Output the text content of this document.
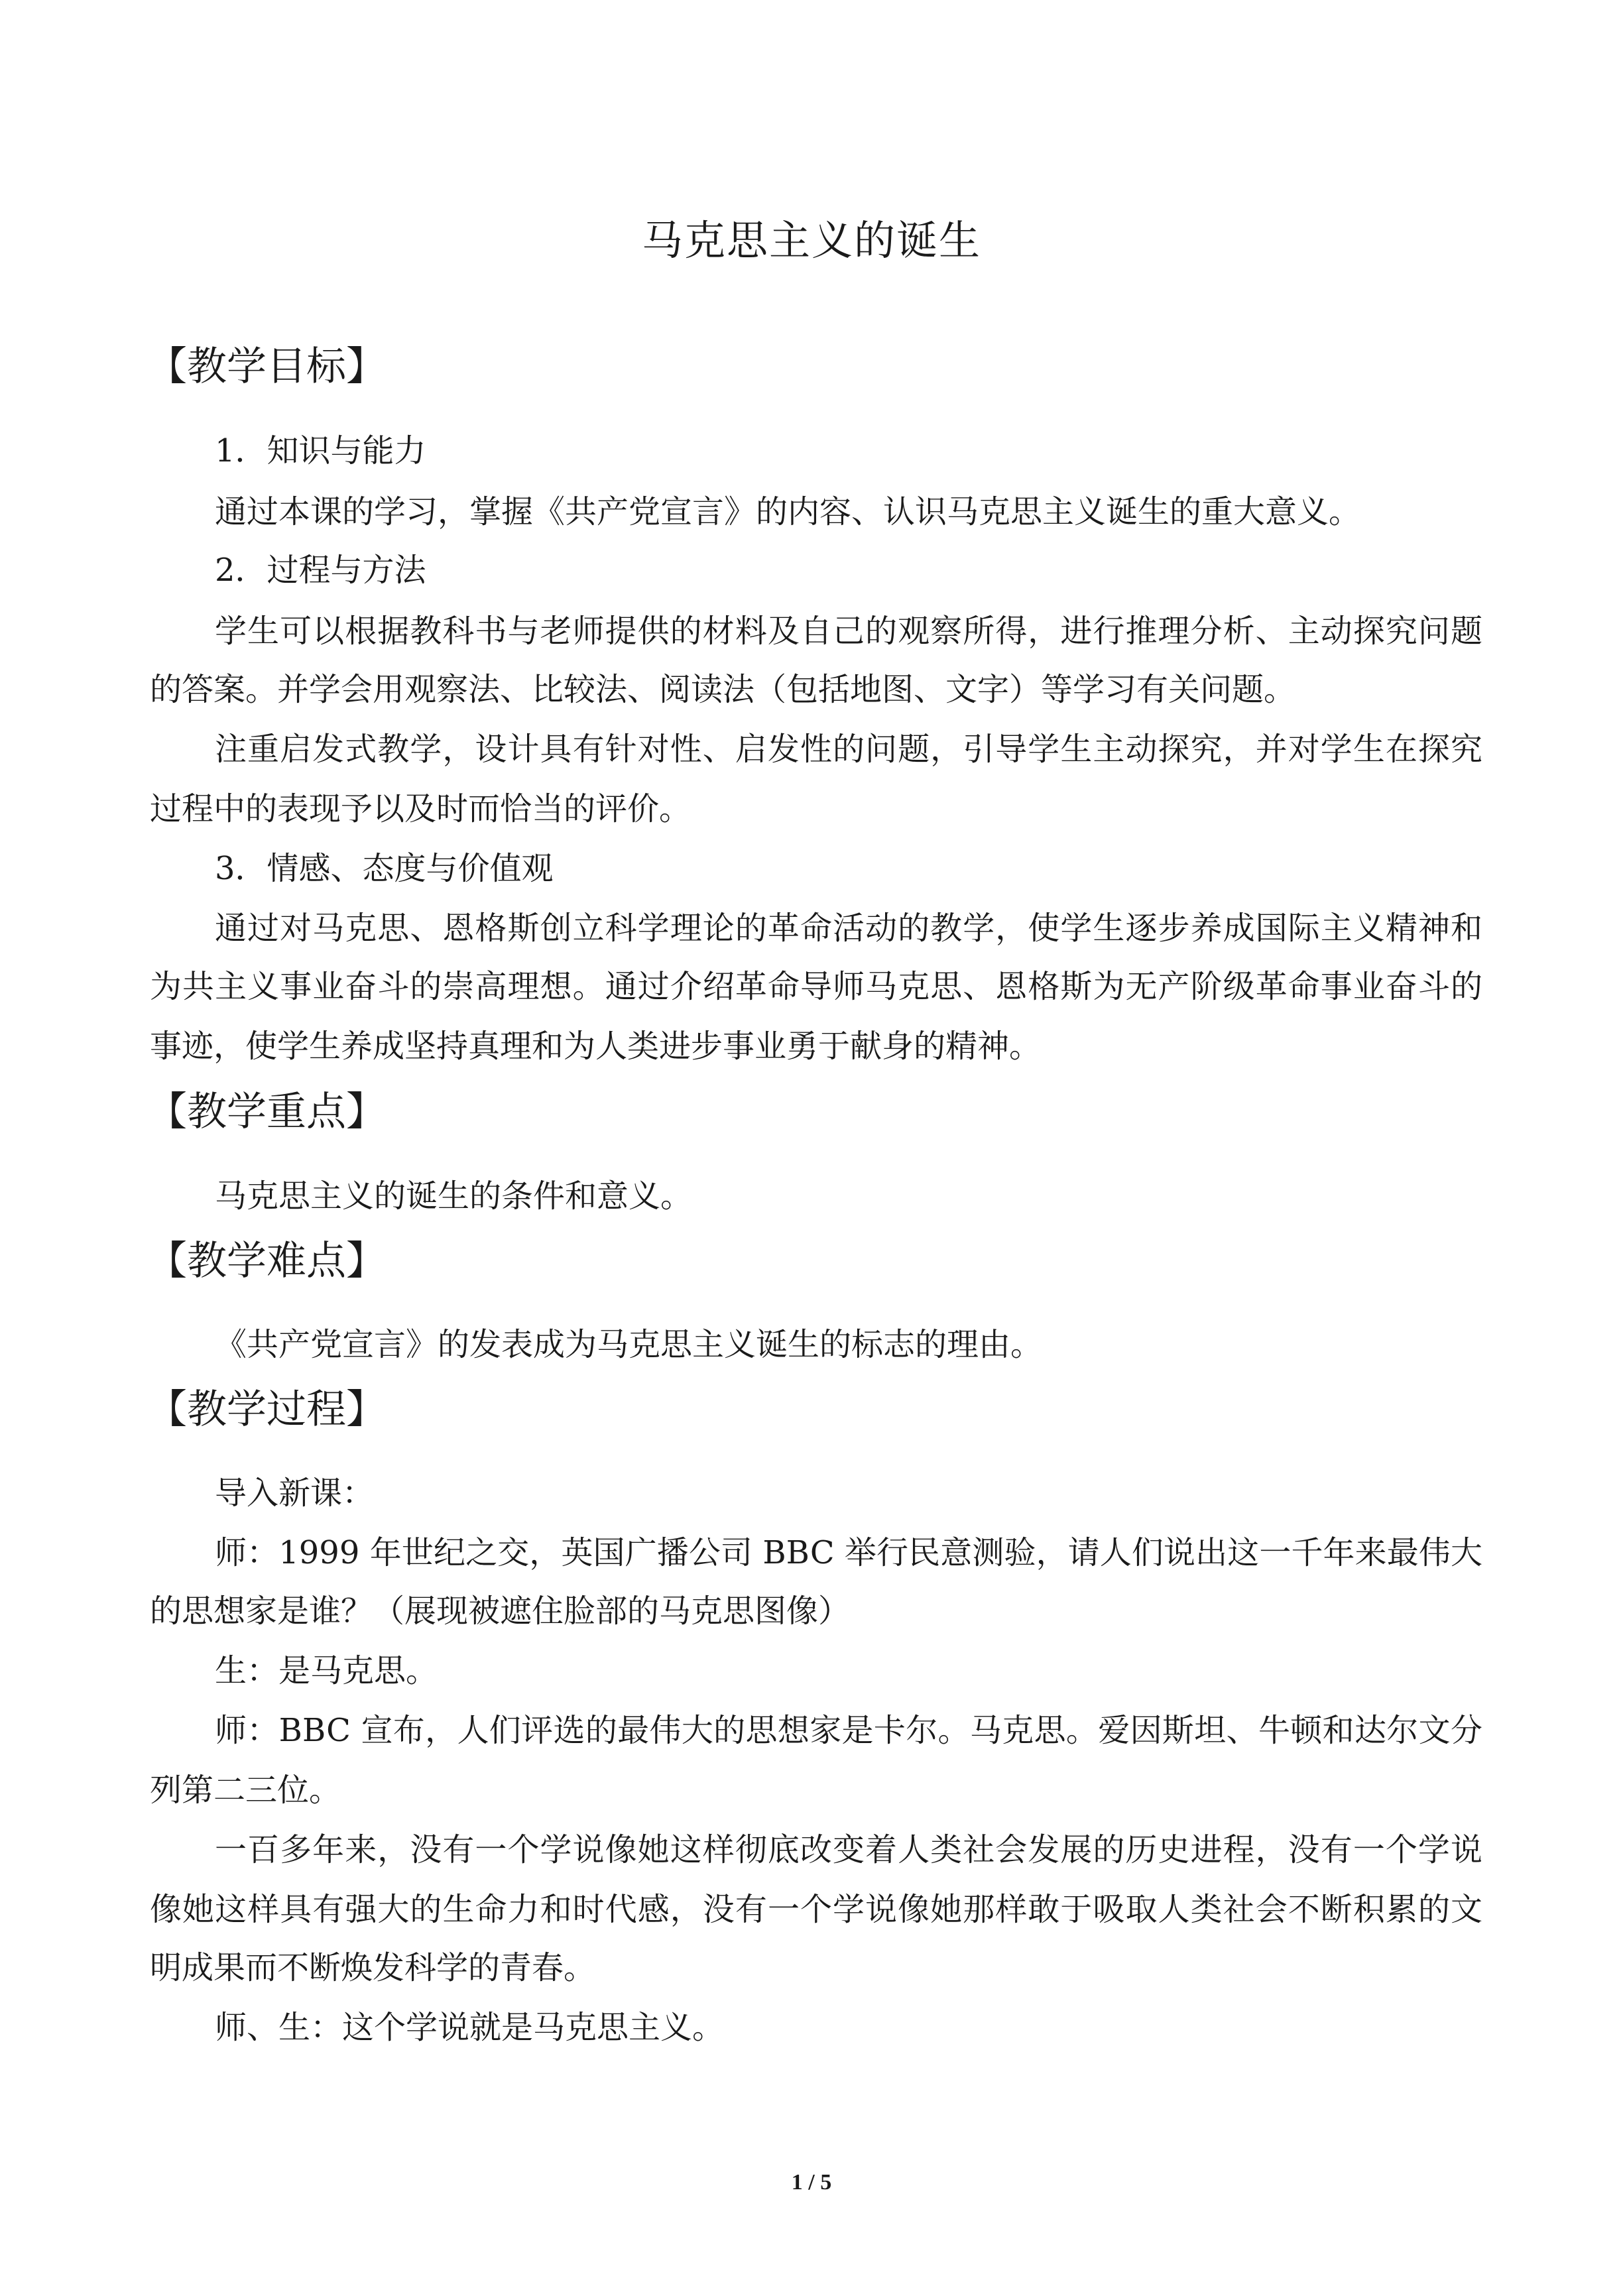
马克思主义的诞生
【教学目标】
1．知识与能力
通过本课的学习，掌握《共产党宣言》的内容、认识马克思主义诞生的重大意义。
2．过程与方法
学生可以根据教科书与老师提供的材料及自己的观察所得，进行推理分析、主动探究问题
的答案。并学会用观察法、比较法、阅读法（包括地图、文字）等学习有关问题。
注重启发式教学，设计具有针对性、启发性的问题，引导学生主动探究，并对学生在探究
过程中的表现予以及时而恰当的评价。
3．情感、态度与价值观
通过对马克思、恩格斯创立科学理论的革命活动的教学，使学生逐步养成国际主义精神和
为共主义事业奋斗的崇高理想。通过介绍革命导师马克思、恩格斯为无产阶级革命事业奋斗的
事迹，使学生养成坚持真理和为人类进步事业勇于献身的精神。
【教学重点】
马克思主义的诞生的条件和意义。
【教学难点】
《共产党宣言》的发表成为马克思主义诞生的标志的理由。
【教学过程】
导入新课：
师：1999 年世纪之交，英国广播公司 BBC 举行民意测验，请人们说出这一千年来最伟大
的思想家是谁？（展现被遮住脸部的马克思图像）
生：是马克思。
师：BBC 宣布，人们评选的最伟大的思想家是卡尔。马克思。爱因斯坦、牛顿和达尔文分
列第二三位。
一百多年来，没有一个学说像她这样彻底改变着人类社会发展的历史进程，没有一个学说
像她这样具有强大的生命力和时代感，没有一个学说像她那样敢于吸取人类社会不断积累的文
明成果而不断焕发科学的青春。
师、生：这个学说就是马克思主义。
1 / 5
